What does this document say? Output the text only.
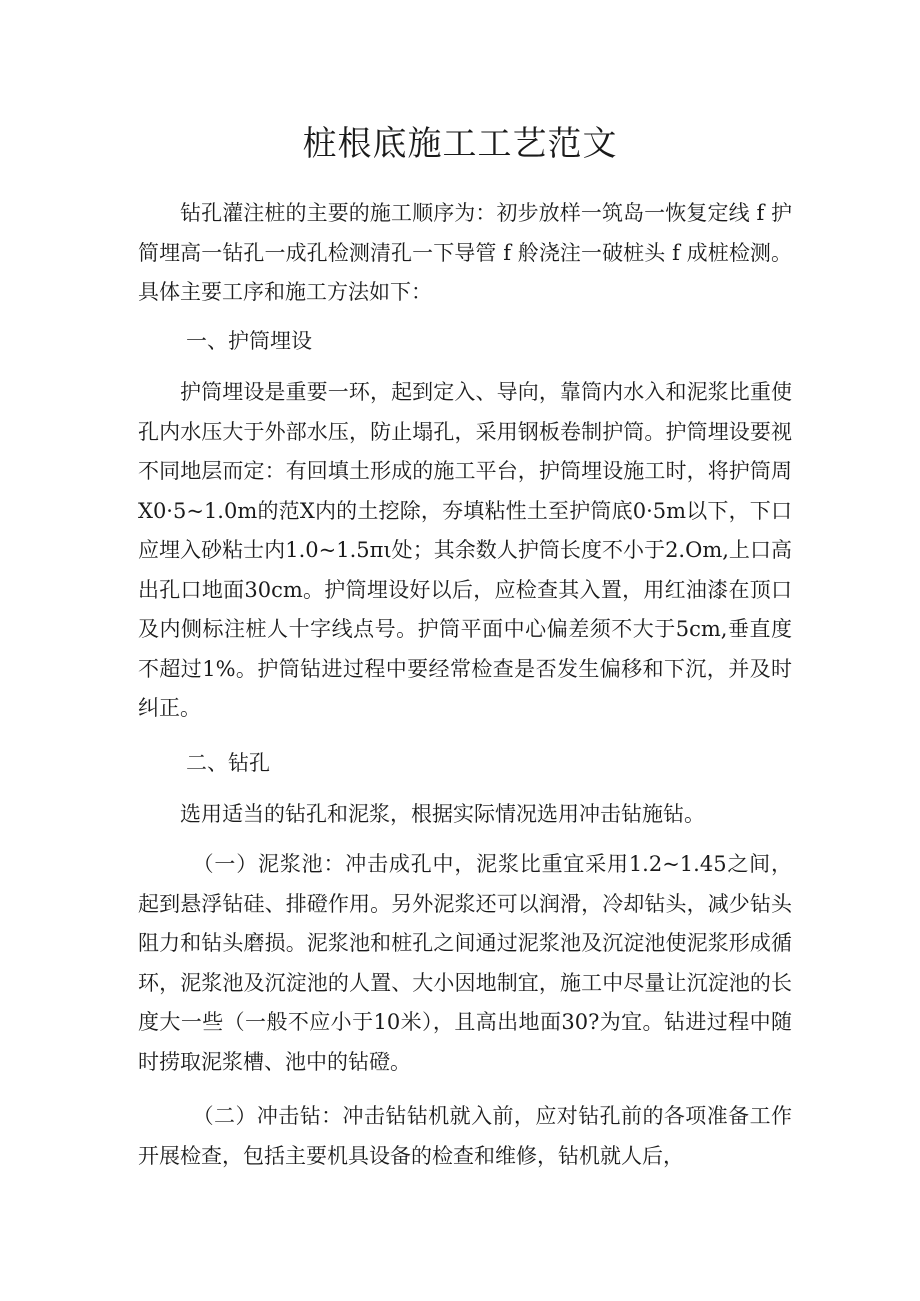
桩根底施工工艺范文

钻孔灌注桩的主要的施工顺序为：初步放样一筑岛一恢复定线 f 护简埋高一钻孔一成孔检测清孔一下导管 f 舲浇注一破桩头 f 成桩检测。具体主要工序和施工方法如下：

一、护筒埋设

护筒埋设是重要一环，起到定入、导向，靠筒内水入和泥浆比重使孔内水压大于外部水压，防止塌孔，采用钢板卷制护筒。护筒埋设要视不同地层而定：有回填土形成的施工平台，护筒埋设施工时，将护筒周X0·5~1.0m的范X内的土挖除，夯填粘性土至护筒底0·5m以下，下口应埋入砂粘士内1.0~1.5πι处；其余数人护筒长度不小于2.Om,上口高出孔口地面30cm。护筒埋设好以后，应检查其入置，用红油漆在顶口及内侧标注桩人十字线点号。护筒平面中心偏差须不大于5cm,垂直度不超过1%。护筒钻进过程中要经常检查是否发生偏移和下沉，并及时纠正。

二、钻孔

选用适当的钻孔和泥浆，根据实际情况选用冲击钻施钻。

（一）泥浆池：冲击成孔中，泥浆比重宜采用1.2~1.45之间，起到悬浮钻硅、排磴作用。另外泥浆还可以润滑，冷却钻头，减少钻头阻力和钻头磨损。泥浆池和桩孔之间通过泥浆池及沉淀池使泥浆形成循环，泥浆池及沉淀池的人置、大小因地制宜，施工中尽量让沉淀池的长度大一些（一般不应小于10米），且高出地面30?为宜。钻进过程中随时捞取泥浆槽、池中的钻磴。

（二）冲击钻：冲击钻钻机就入前，应对钻孔前的各项准备工作开展检查，包括主要机具设备的检查和维修，钻机就人后，
